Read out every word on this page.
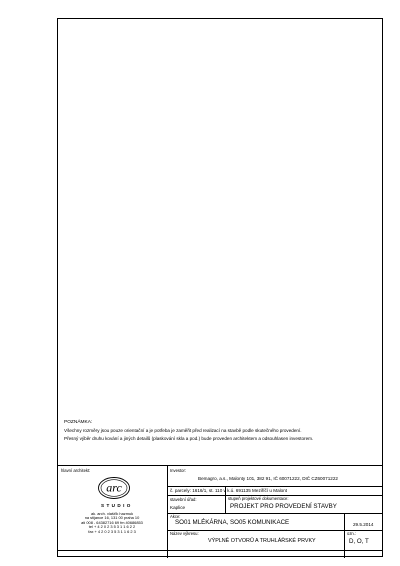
POZNÁMKA:
Všechny rozměry jsou pouze orientační a je potřeba je zaměřit před realizací na stavbě podle skutečného provedení.
Přesný výběr druhu kování a jiných detailů (plaskování skla a pod.) bude proveden architektem a odsouhlasen investorem.
hlavní architekt:
arc
STUDIO
ak. arch. vlašťík hazmuk
na stijance 16, 131 00 praha 10
ati 008 - 64382716 69 fm 40686853
tel + 4 2 0 2 3 5 3 1 1 6 2 2
fax + 4 2 0 2 3 5 3 1 1 6 2 3
Investor:
Bemagro, a.s., Malonty 101, 382 91, IČ 60071222, DIČ CZ60071222
č. parcely: 1616/1, st. 110 v k.ú. 691135 Meziříčí u Malont
stavební úřad:
Kaplice
stupeň projektové dokumentace:
PROJEKT PRO PROVEDENÍ STAVBY
Akce:
SO01 MLÉKÁRNA, SO05 KOMUNIKACE	29.5.2014
Název výkresu:
VÝPLNĚ OTVORŮ A TRUHLÁŘSKÉ PRVKY
ozn.:
D, O, T
